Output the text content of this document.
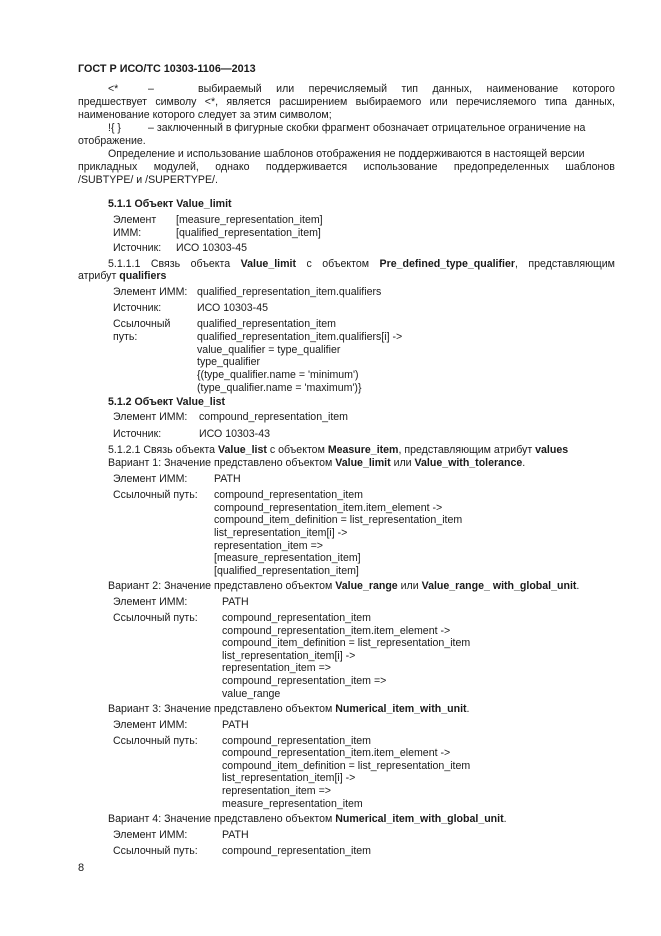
ГОСТ Р ИСО/ТС 10303-1106—2013
<*	–	выбираемый или перечисляемый тип данных, наименование которого
предшествует символу <*, является расширением выбираемого или перечисляемого типа данных,
наименование которого следует за этим символом;
!{ }	– заключенный в фигурные скобки фрагмент обозначает отрицательное ограничение на
отображение.
Определение и использование шаблонов отображения не поддерживаются в настоящей версии
прикладных модулей, однако поддерживается использование предопределенных шаблонов
/SUBTYPE/ и /SUPERTYPE/.
5.1.1 Объект Value_limit
Элемент [measure_representation_item]
ИММ:	[qualified_representation_item]
Источник: ИСО 10303-45
5.1.1.1 Связь объекта Value_limit с объектом Pre_defined_type_qualifier, представляющим
атрибут qualifiers
Элемент ИММ: qualified_representation_item.qualifiers
Источник:	ИСО 10303-45
Ссылочный
путь:
qualified_representation_item
qualified_representation_item.qualifiers[i] ->
value_qualifier = type_qualifier
type_qualifier
{(type_qualifier.name = 'minimum')
(type_qualifier.name = 'maximum')}
5.1.2 Объект Value_list
Элемент ИММ: compound_representation_item
Источник:	ИСО 10303-43
5.1.2.1 Связь объекта Value_list с объектом Measure_item, представляющим атрибут values
Вариант 1: Значение представлено объектом Value_limit или Value_with_tolerance.
Элемент ИММ:	PATH
Ссылочный путь: compound_representation_item
compound_representation_item.item_element ->
compound_item_definition = list_representation_item
list_representation_item[i] ->
representation_item =>
[measure_representation_item]
[qualified_representation_item]
Вариант 2: Значение представлено объектом Value_range или Value_range_ with_global_unit.
Элемент ИММ:	PATH
Ссылочный путь: compound_representation_item
compound_representation_item.item_element ->
compound_item_definition = list_representation_item
list_representation_item[i] ->
representation_item =>
compound_representation_item =>
value_range
Вариант 3: Значение представлено объектом Numerical_item_with_unit.
Элемент ИММ:	PATH
Ссылочный путь: compound_representation_item
compound_representation_item.item_element ->
compound_item_definition = list_representation_item
list_representation_item[i] ->
representation_item =>
measure_representation_item
Вариант 4: Значение представлено объектом Numerical_item_with_global_unit.
Элемент ИММ:	PATH
Ссылочный путь: compound_representation_item
8
